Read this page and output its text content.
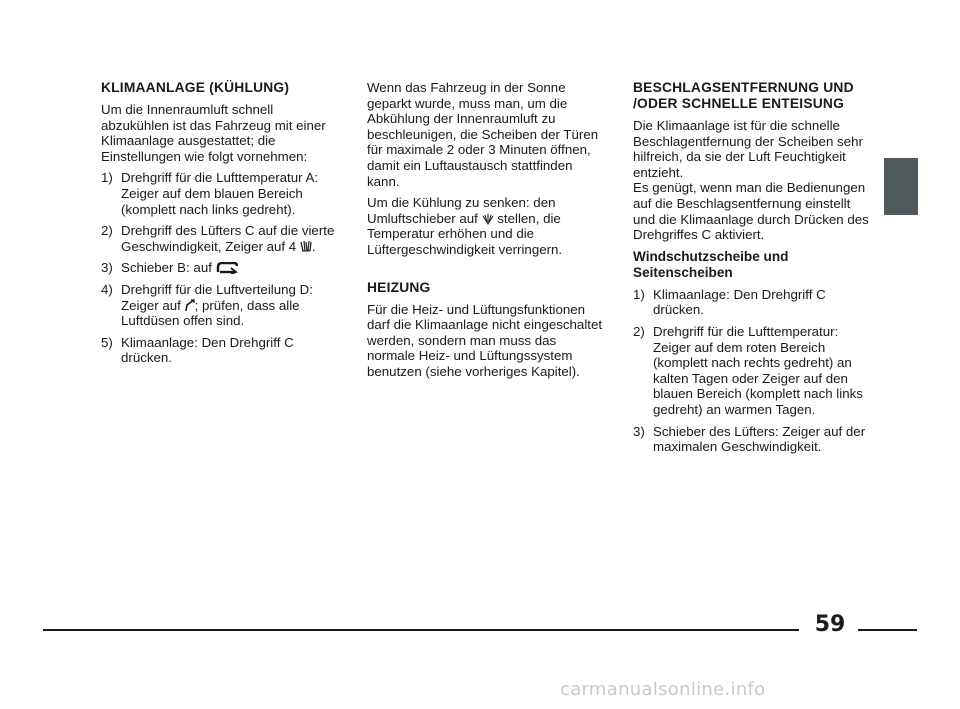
KLIMAANLAGE (KÜHLUNG)

Um die Innenraumluft schnell abzukühlen ist das Fahrzeug mit einer Klimaanlage ausgestattet; die Einstellungen wie folgt vornehmen:

1) Drehgriff für die Lufttemperatur A: Zeiger auf dem blauen Bereich (komplett nach links gedreht).
2) Drehgriff des Lüfters C auf die vierte Geschwindigkeit, Zeiger auf 4 .
3) Schieber B: auf
4) Drehgriff für die Luftverteilung D: Zeiger auf ; prüfen, dass alle Luftdüsen offen sind.
5) Klimaanlage: Den Drehgriff C drücken.

Wenn das Fahrzeug in der Sonne geparkt wurde, muss man, um die Abkühlung der Innenraumluft zu beschleunigen, die Scheiben der Türen für maximale 2 oder 3 Minuten öffnen, damit ein Luftaustausch stattfinden kann.

Um die Kühlung zu senken: den Umluftschieber auf  stellen, die Temperatur erhöhen und die Lüftergeschwindigkeit verringern.

HEIZUNG

Für die Heiz- und Lüftungsfunktionen darf die Klimaanlage nicht eingeschaltet werden, sondern man muss das normale Heiz- und Lüftungssystem benutzen (siehe vorheriges Kapitel).

BESCHLAGSENTFERNUNG UND /ODER SCHNELLE ENTEISUNG

Die Klimaanlage ist für die schnelle Beschlagentfernung der Scheiben sehr hilfreich, da sie der Luft Feuchtigkeit entzieht.

Es genügt, wenn man die Bedienungen auf die Beschlagsentfernung einstellt und die Klimaanlage durch Drücken des Drehgriffes C aktiviert.

Windschutzscheibe und Seitenscheiben
1) Klimaanlage: Den Drehgriff C drücken.
2) Drehgriff für die Lufttemperatur: Zeiger auf dem roten Bereich (komplett nach rechts gedreht) an kalten Tagen oder Zeiger auf den blauen Bereich (komplett nach links gedreht) an warmen Tagen.
3) Schieber des Lüfters: Zeiger auf der maximalen Geschwindigkeit.
59
carmanualsonline.info
